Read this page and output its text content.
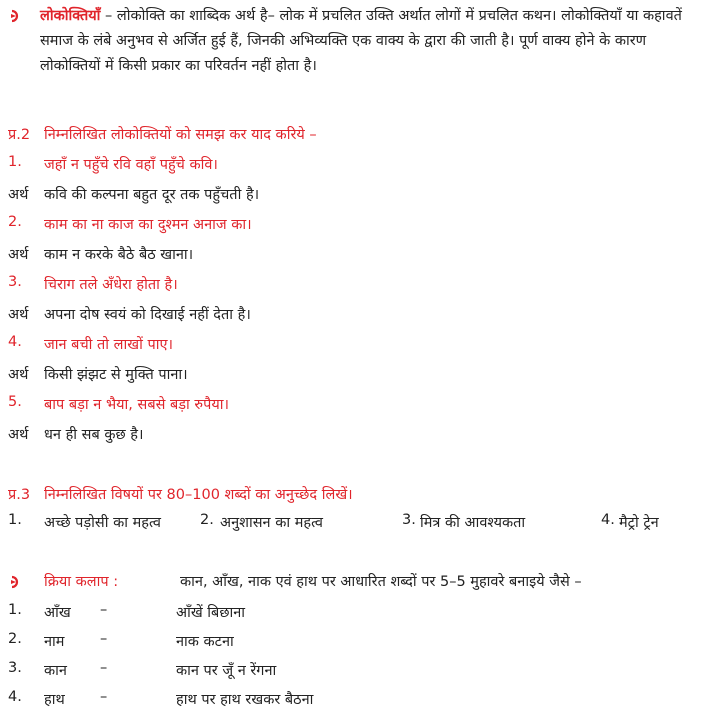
लोकोक्तियाँ – लोकोक्ति का शाब्दिक अर्थ है– लोक में प्रचलित उक्ति अर्थात लोगों में प्रचलित कथन। लोकोक्तियाँ या कहावतें समाज के लंबे अनुभव से अर्जित हुई हैं, जिनकी अभिव्यक्ति एक वाक्य के द्वारा की जाती है। पूर्ण वाक्य होने के कारण लोकोक्तियों में किसी प्रकार का परिवर्तन नहीं होता है।
प्र.2 निम्नलिखित लोकोक्तियों को समझ कर याद करिये –
1. जहाँ न पहुँचे रवि वहाँ पहुँचे कवि।
अर्थ कवि की कल्पना बहुत दूर तक पहुँचती है।
2. काम का ना काज का दुश्मन अनाज का।
अर्थ काम न करके बैठे बैठ खाना।
3. चिराग तले अँधेरा होता है।
अर्थ अपना दोष स्वयं को दिखाई नहीं देता है।
4. जान बची तो लाखों पाए।
अर्थ किसी झंझट से मुक्ति पाना।
5. बाप बड़ा न भैया, सबसे बड़ा रुपैया।
अर्थ धन ही सब कुछ है।
प्र.3 निम्नलिखित विषयों पर 80–100 शब्दों का अनुच्छेद लिखें।
1. अच्छे पड़ोसी का महत्व	2. अनुशासन का महत्व	3. मित्र की आवश्यकता	4. मैट्रो ट्रेन
क्रिया कलाप :	कान, आँख, नाक एवं हाथ पर आधारित शब्दों पर 5–5 मुहावरे बनाइये जैसे –
1. आँख –	आँखें बिछाना
2. नाम –	नाक कटना
3. कान –	कान पर जूँ न रेंगना
4. हाथ –	हाथ पर हाथ रखकर बैठना
